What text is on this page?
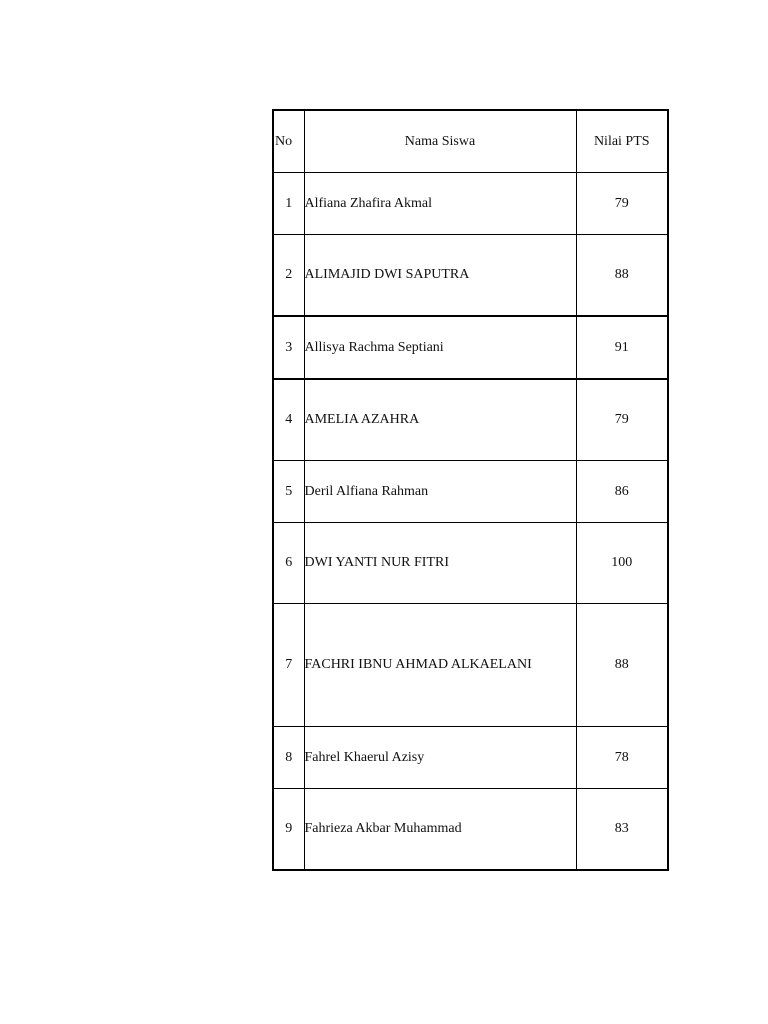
No	Nama Siswa	Nilai PTS
1	Alfiana Zhafira Akmal	79
2	ALIMAJID DWI SAPUTRA	88
3	Allisya Rachma Septiani	91
4	AMELIA AZAHRA	79
5	Deril Alfiana Rahman	86
6	DWI YANTI NUR FITRI	100
7	FACHRI IBNU AHMAD ALKAELANI	88
8	Fahrel Khaerul Azisy	78
9	Fahrieza Akbar Muhammad	83
